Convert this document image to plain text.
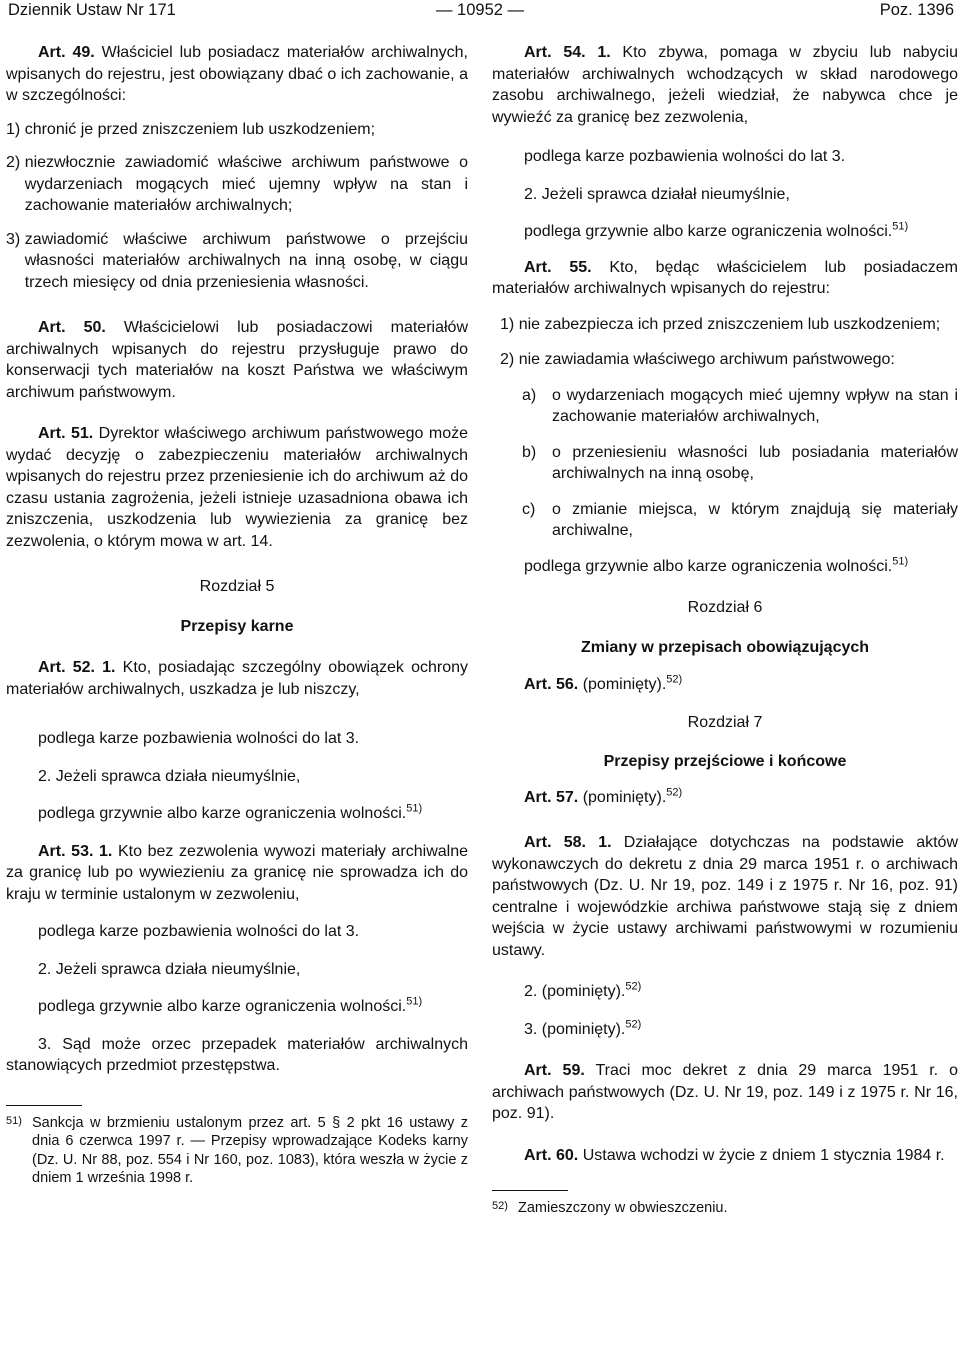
Dziennik Ustaw Nr 171	— 10952 —	Poz. 1396

Art. 49. Właściciel lub posiadacz materiałów archiwalnych, wpisanych do rejestru, jest obowiązany dbać o ich zachowanie, a w szczególności:

1)
chronić je przed zniszczeniem lub uszkodzeniem;
2)
niezwłocznie zawiadomić właściwe archiwum państwowe o wydarzeniach mogących mieć ujemny wpływ na stan i zachowanie materiałów archiwalnych;
3)
zawiadomić właściwe archiwum państwowe o przejściu własności materiałów archiwalnych na inną osobę, w ciągu trzech miesięcy od dnia przeniesienia własności.

Art. 50. Właścicielowi lub posiadaczowi materiałów archiwalnych wpisanych do rejestru przysługuje prawo do konserwacji tych materiałów na koszt Państwa we właściwym archiwum państwowym.

Art. 51. Dyrektor właściwego archiwum państwowego może wydać decyzję o zabezpieczeniu materiałów archiwalnych wpisanych do rejestru przez przeniesienie ich do archiwum aż do czasu ustania zagrożenia, jeżeli istnieje uzasadniona obawa ich zniszczenia, uszkodzenia lub wywiezienia za granicę bez zezwolenia, o którym mowa w art. 14.

Rozdział 5

Przepisy karne

Art. 52. 1. Kto, posiadając szczególny obowiązek ochrony materiałów archiwalnych, uszkadza je lub niszczy,

podlega karze pozbawienia wolności do lat 3.

2. Jeżeli sprawca działa nieumyślnie,

podlega grzywnie albo karze ograniczenia wolności.$^{51)}$

Art. 53. 1. Kto bez zezwolenia wywozi materiały archiwalne za granicę lub po wywiezieniu za granicę nie sprowadza ich do kraju w terminie ustalonym w zezwoleniu,

podlega karze pozbawienia wolności do lat 3.

2. Jeżeli sprawca działa nieumyślnie,

podlega grzywnie albo karze ograniczenia wolności.$^{51)}$

3. Sąd może orzec przepadek materiałów archiwalnych stanowiących przedmiot przestępstwa.

51) Sankcja w brzmieniu ustalonym przez art. 5 § 2 pkt 16 ustawy z dnia 6 czerwca 1997 r. — Przepisy wprowadzające Kodeks karny (Dz. U. Nr 88, poz. 554 i Nr 160, poz. 1083), która weszła w życie z dniem 1 września 1998 r.

Art. 54. 1. Kto zbywa, pomaga w zbyciu lub nabyciu materiałów archiwalnych wchodzących w skład narodowego zasobu archiwalnego, jeżeli wiedział, że nabywca chce je wywieźć za granicę bez zezwolenia,

podlega karze pozbawienia wolności do lat 3.

2. Jeżeli sprawca działał nieumyślnie,

podlega grzywnie albo karze ograniczenia wolności.$^{51)}$

Art. 55. Kto, będąc właścicielem lub posiadaczem materiałów archiwalnych wpisanych do rejestru:

1)
nie zabezpiecza ich przed zniszczeniem lub uszkodzeniem;
2)
nie zawiadamia właściwego archiwum państwowego:
a) o wydarzeniach mogących mieć ujemny wpływ na stan i zachowanie materiałów archiwalnych,
b) o przeniesieniu własności lub posiadania materiałów archiwalnych na inną osobę,
c)	o zmianie miejsca, w którym znajdują się materiały archiwalne,

podlega grzywnie albo karze ograniczenia wolności.$^{51)}$

Rozdział 6

Zmiany w przepisach obowiązujących

Art. 56. (pominięty).$^{52)}$

Rozdział 7

Przepisy przejściowe i końcowe

Art. 57. (pominięty).$^{52)}$

Art. 58. 1. Działające dotychczas na podstawie aktów wykonawczych do dekretu z dnia 29 marca 1951 r. o archiwach państwowych (Dz. U. Nr 19, poz. 149 i z 1975 r. Nr 16, poz. 91) centralne i wojewódzkie archiwa państwowe stają się z dniem wejścia w życie ustawy archiwami państwowymi w rozumieniu ustawy.

2. (pominięty).$^{52)}$

3. (pominięty).$^{52)}$

Art. 59. Traci moc dekret z dnia 29 marca 1951 r. o archiwach państwowych (Dz. U. Nr 19, poz. 149 i z 1975 r. Nr 16, poz. 91).

Art. 60. Ustawa wchodzi w życie z dniem 1 stycznia 1984 r.

52) Zamieszczony w obwieszczeniu.
